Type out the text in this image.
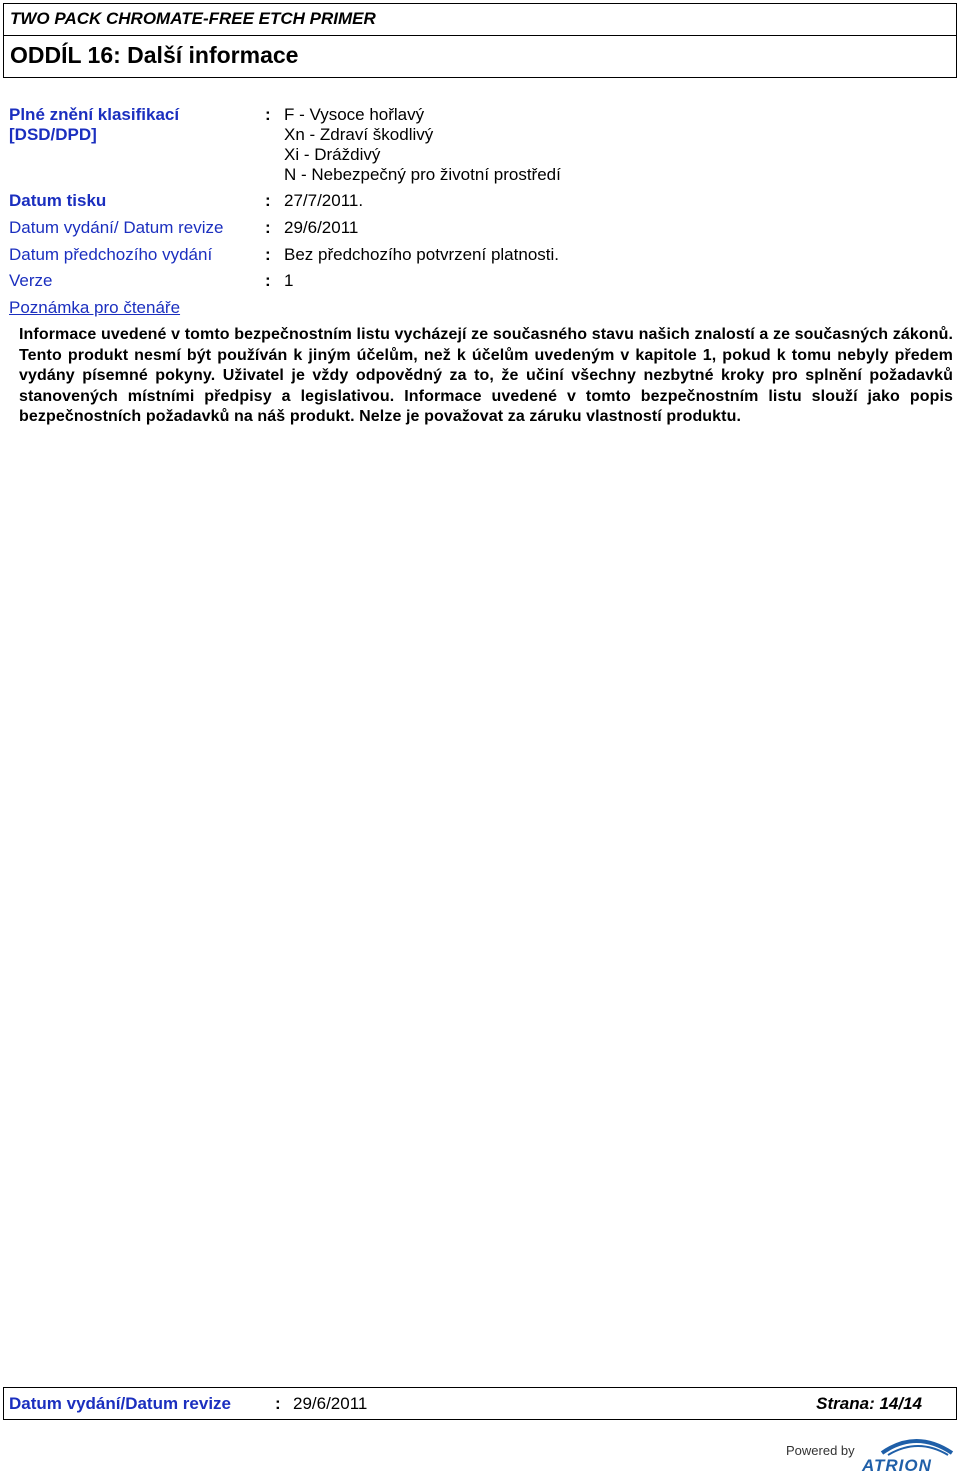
TWO PACK CHROMATE-FREE ETCH PRIMER
ODDÍL 16: Další informace
Plné znění klasifikací
[DSD/DPD]
: F - Vysoce hořlavý
Xn - Zdraví škodlivý
Xi - Dráždivý
N - Nebezpečný pro životní prostředí
Datum tisku	: 27/7/2011.
Datum vydání/ Datum revize : 29/6/2011
Datum předchozího vydání	: Bez předchozího potvrzení platnosti.
Verze	: 1
Poznámka pro čtenáře
Informace uvedené v tomto bezpečnostním listu vycházejí ze současného stavu našich znalostí a ze současných zákonů. Tento produkt nesmí být používán k jiným účelům, než k účelům uvedeným v kapitole 1, pokud k tomu nebyly předem vydány písemné pokyny. Uživatel je vždy odpovědný za to, že učiní všechny nezbytné kroky pro splnění požadavků stanovených místními předpisy a legislativou. Informace uvedené v tomto bezpečnostním listu slouží jako popis bezpečnostních požadavků na náš produkt. Nelze je považovat za záruku vlastností produktu.
Datum vydání/Datum revize	: 29/6/2011	Strana: 14/14
Powered by
ATRION
